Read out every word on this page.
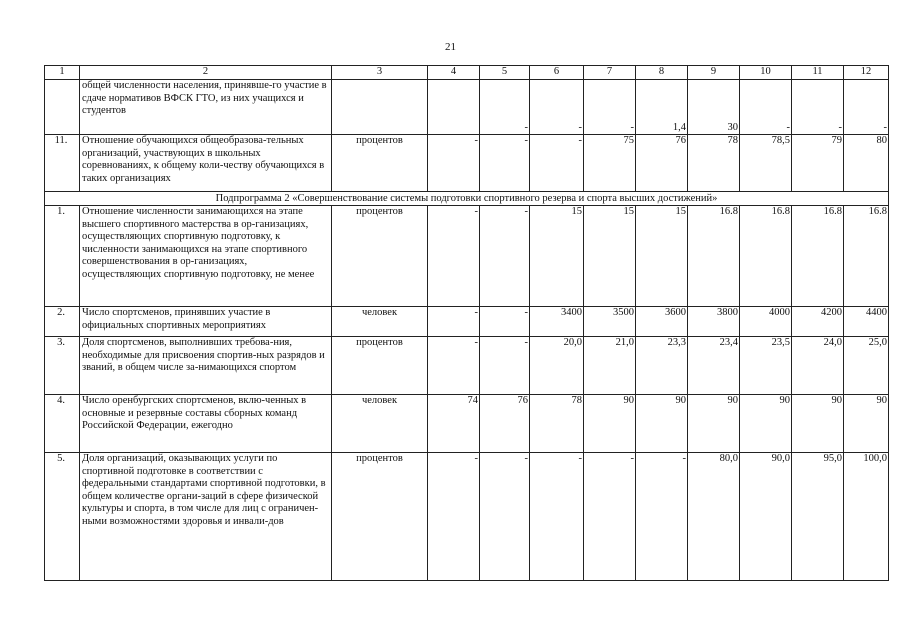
21
1	2	3	4	5	6	7	8	9	10	11	12	
	общей численности населения, принявше-го участие в сдаче нормативов ВФСК ГТО, из них учащихся и студентов			-	-	-	1,4	30	-	-	-	
11.	Отношение обучающихся общеобразова-тельных организаций, участвующих в школьных соревнованиях, к общему коли-честву обучающихся в таких организациях	процентов	-	-	-	75	76	78	78,5	79	80	
Подпрограмма 2 «Совершенствование системы подготовки спортивного резерва и спорта высших достижений»												
1.	Отношение численности занимающихся на этапе высшего спортивного мастерства в ор-ганизациях, осуществляющих спортивную подготовку, к численности занимающихся на этапе спортивного совершенствования в ор-ганизациях, осуществляющих спортивную подготовку, не менее	процентов	-	-	15	15	15	16.8	16.8	16.8	16.8	
2.	Число спортсменов, принявших участие в официальных спортивных мероприятиях	человек	-	-	3400	3500	3600	3800	4000	4200	4400	
3.	Доля спортсменов, выполнивших требова-ния, необходимые для присвоения спортив-ных разрядов и званий, в общем числе за-нимающихся спортом	процентов	-	-	20,0	21,0	23,3	23,4	23,5	24,0	25,0	
4.	Число оренбургских спортсменов, вклю-ченных в основные и резервные составы сборных команд Российской Федерации, ежегодно	человек	74	76	78	90	90	90	90	90	90	
5.	Доля организаций, оказывающих услуги по спортивной подготовке в соответствии с федеральными стандартами спортивной подготовки, в общем количестве органи-заций в сфере физической культуры и спорта, в том числе для лиц с ограничен-ными возможностями здоровья и инвали-дов	процентов	-	-	-	-	-	80,0	90,0	95,0	100,0	
